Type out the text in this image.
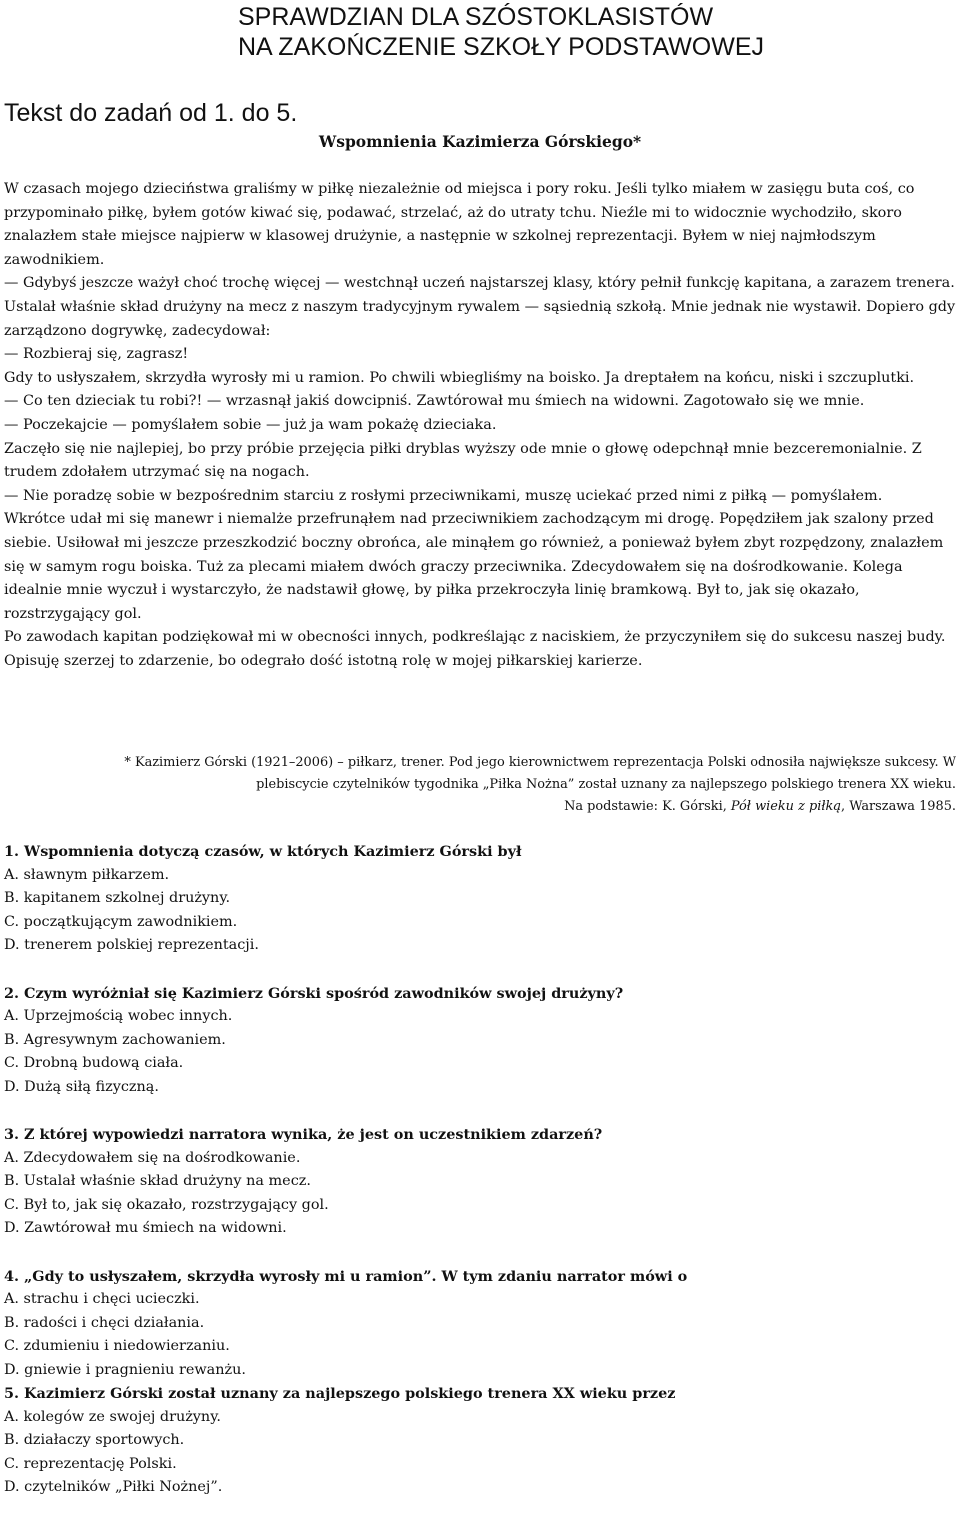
SPRAWDZIAN DLA SZÓSTOKLASISTÓW
NA ZAKOŃCZENIE SZKOŁY PODSTAWOWEJ
Tekst do zadań od 1. do 5.
Wspomnienia Kazimierza Górskiego*

W czasach mojego dzieciństwa graliśmy w piłkę niezależnie od miejsca i pory roku. Jeśli tylko miałem w zasięgu buta coś, co przypominało piłkę, byłem gotów kiwać się, podawać, strzelać, aż do utraty tchu. Nieźle mi to widocznie wychodziło, skoro znalazłem stałe miejsce najpierw w klasowej drużynie, a następnie w szkolnej reprezentacji. Byłem w niej najmłodszym zawodnikiem.

— Gdybyś jeszcze ważył choć trochę więcej — westchnął uczeń najstarszej klasy, który pełnił funkcję kapitana, a zarazem trenera. Ustalał właśnie skład drużyny na mecz z naszym tradycyjnym rywalem — sąsiednią szkołą. Mnie jednak nie wystawił. Dopiero gdy zarządzono dogrywkę, zadecydował:

— Rozbieraj się, zagrasz!

Gdy to usłyszałem, skrzydła wyrosły mi u ramion. Po chwili wbiegliśmy na boisko. Ja dreptałem na końcu, niski i szczuplutki.

— Co ten dzieciak tu robi?! — wrzasnął jakiś dowcipniś. Zawtórował mu śmiech na widowni. Zagotowało się we mnie.

— Poczekajcie — pomyślałem sobie — już ja wam pokażę dzieciaka.

Zaczęło się nie najlepiej, bo przy próbie przejęcia piłki dryblas wyższy ode mnie o głowę odepchnął mnie bezceremonialnie. Z trudem zdołałem utrzymać się na nogach.

— Nie poradzę sobie w bezpośrednim starciu z rosłymi przeciwnikami, muszę uciekać przed nimi z piłką — pomyślałem.

Wkrótce udał mi się manewr i niemalże przefrunąłem nad przeciwnikiem zachodzącym mi drogę. Popędziłem jak szalony przed siebie. Usiłował mi jeszcze przeszkodzić boczny obrońca, ale minąłem go również, a ponieważ byłem zbyt rozpędzony, znalazłem się w samym rogu boiska. Tuż za plecami miałem dwóch graczy przeciwnika. Zdecydowałem się na dośrodkowanie. Kolega idealnie mnie wyczuł i wystarczyło, że nadstawił głowę, by piłka przekroczyła linię bramkową. Był to, jak się okazało, rozstrzygający gol.

Po zawodach kapitan podziękował mi w obecności innych, podkreślając z naciskiem, że przyczyniłem się do sukcesu naszej budy.

Opisuję szerzej to zdarzenie, bo odegrało dość istotną rolę w mojej piłkarskiej karierze.

* Kazimierz Górski (1921–2006) – piłkarz, trener. Pod jego kierownictwem reprezentacja Polski odnosiła największe sukcesy. W

plebiscycie czytelników tygodnika „Piłka Nożna” został uznany za najlepszego polskiego trenera XX wieku.

Na podstawie: K. Górski, Pół wieku z piłką, Warszawa 1985.

1. Wspomnienia dotyczą czasów, w których Kazimierz Górski był
A. sławnym piłkarzem.
B. kapitanem szkolnej drużyny.
C. początkującym zawodnikiem.
D. trenerem polskiej reprezentacji.
2. Czym wyróżniał się Kazimierz Górski spośród zawodników swojej drużyny?
A. Uprzejmością wobec innych.
B. Agresywnym zachowaniem.
C. Drobną budową ciała.
D. Dużą siłą fizyczną.
3. Z której wypowiedzi narratora wynika, że jest on uczestnikiem zdarzeń?
A. Zdecydowałem się na dośrodkowanie.
B. Ustalał właśnie skład drużyny na mecz.
C. Był to, jak się okazało, rozstrzygający gol.
D. Zawtórował mu śmiech na widowni.
4. „Gdy to usłyszałem, skrzydła wyrosły mi u ramion”. W tym zdaniu narrator mówi o
A. strachu i chęci ucieczki.
B. radości i chęci działania.
C. zdumieniu i niedowierzaniu.
D. gniewie i pragnieniu rewanżu.
5. Kazimierz Górski został uznany za najlepszego polskiego trenera XX wieku przez
A. kolegów ze swojej drużyny.
B. działaczy sportowych.
C. reprezentację Polski.
D. czytelników „Piłki Nożnej”.
